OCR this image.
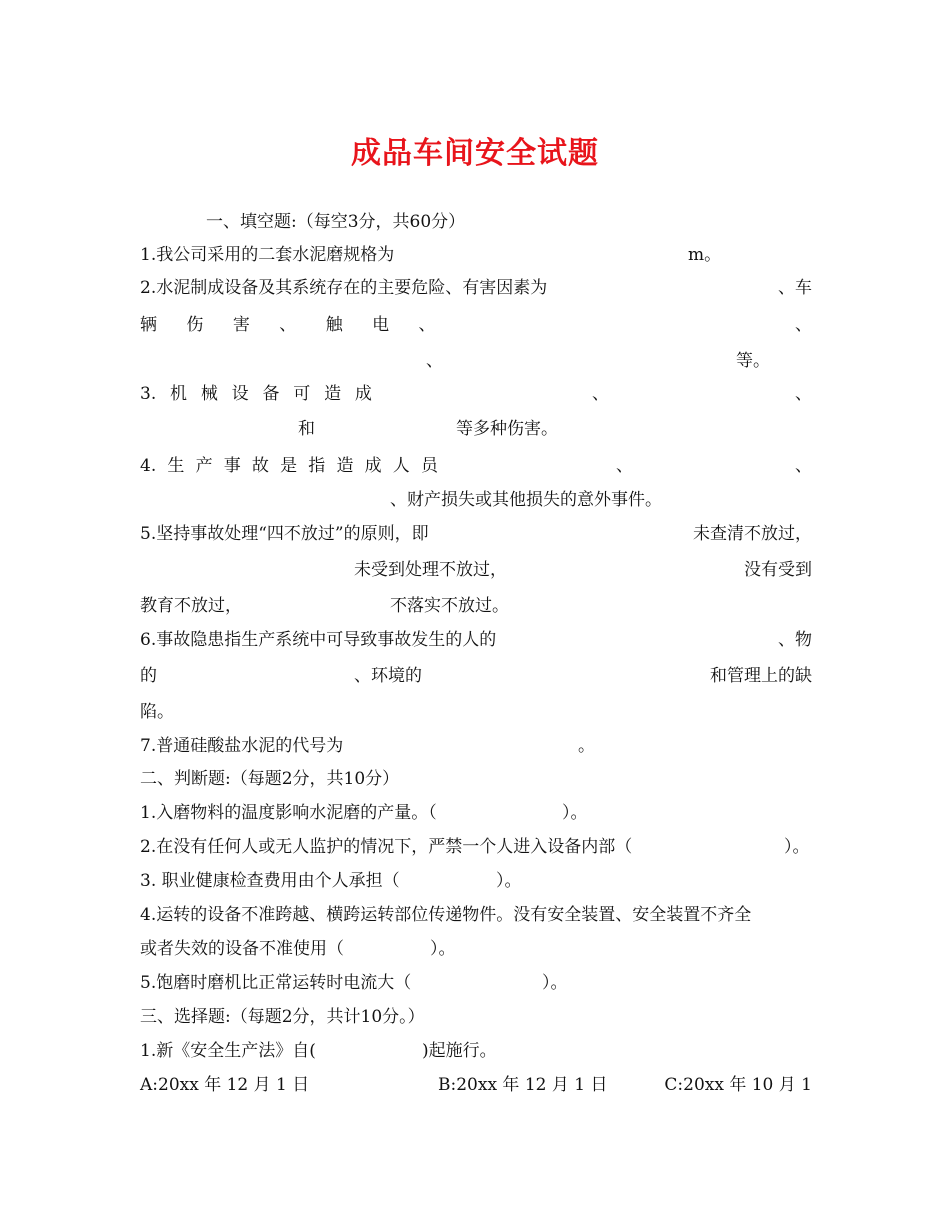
成品车间安全试题
一、填空题:（每空3分，共60分）
1.我公司采用的二套水泥磨规格为	m。
2.水泥制成设备及其系统存在的主要危险、有害因素为	、车
辆 伤 害 、 触 电 、	、
、	等。
3. 机 械 设 备 可 造 成	、	、
和	等多种伤害。
4. 生 产 事 故 是 指 造 成 人 员	、	、
、财产损失或其他损失的意外事件。
5.坚持事故处理“四不放过”的原则，即	未查清不放过，
未受到处理不放过，	没有受到
教育不放过，	不落实不放过。
6.事故隐患指生产系统中可导致事故发生的人的	、物
的	、环境的	和管理上的缺
陷。
7.普通硅酸盐水泥的代号为	。
二、判断题:（每题2分，共10分）
1.入磨物料的温度影响水泥磨的产量。（	）。
2.在没有任何人或无人监护的情况下，严禁一个人进入设备内部（	）。
3. 职业健康检查费用由个人承担（	）。
4.运转的设备不准跨越、横跨运转部位传递物件。没有安全装置、安全装置不齐全
或者失效的设备不准使用（	）。
5.饱磨时磨机比正常运转时电流大（	）。
三、选择题:（每题2分，共计10分。）
1.新《安全生产法》自(	)起施行。
A:20xx 年 12 月 1 日	B:20xx 年 12 月 1 日	C:20xx 年 10 月 1
